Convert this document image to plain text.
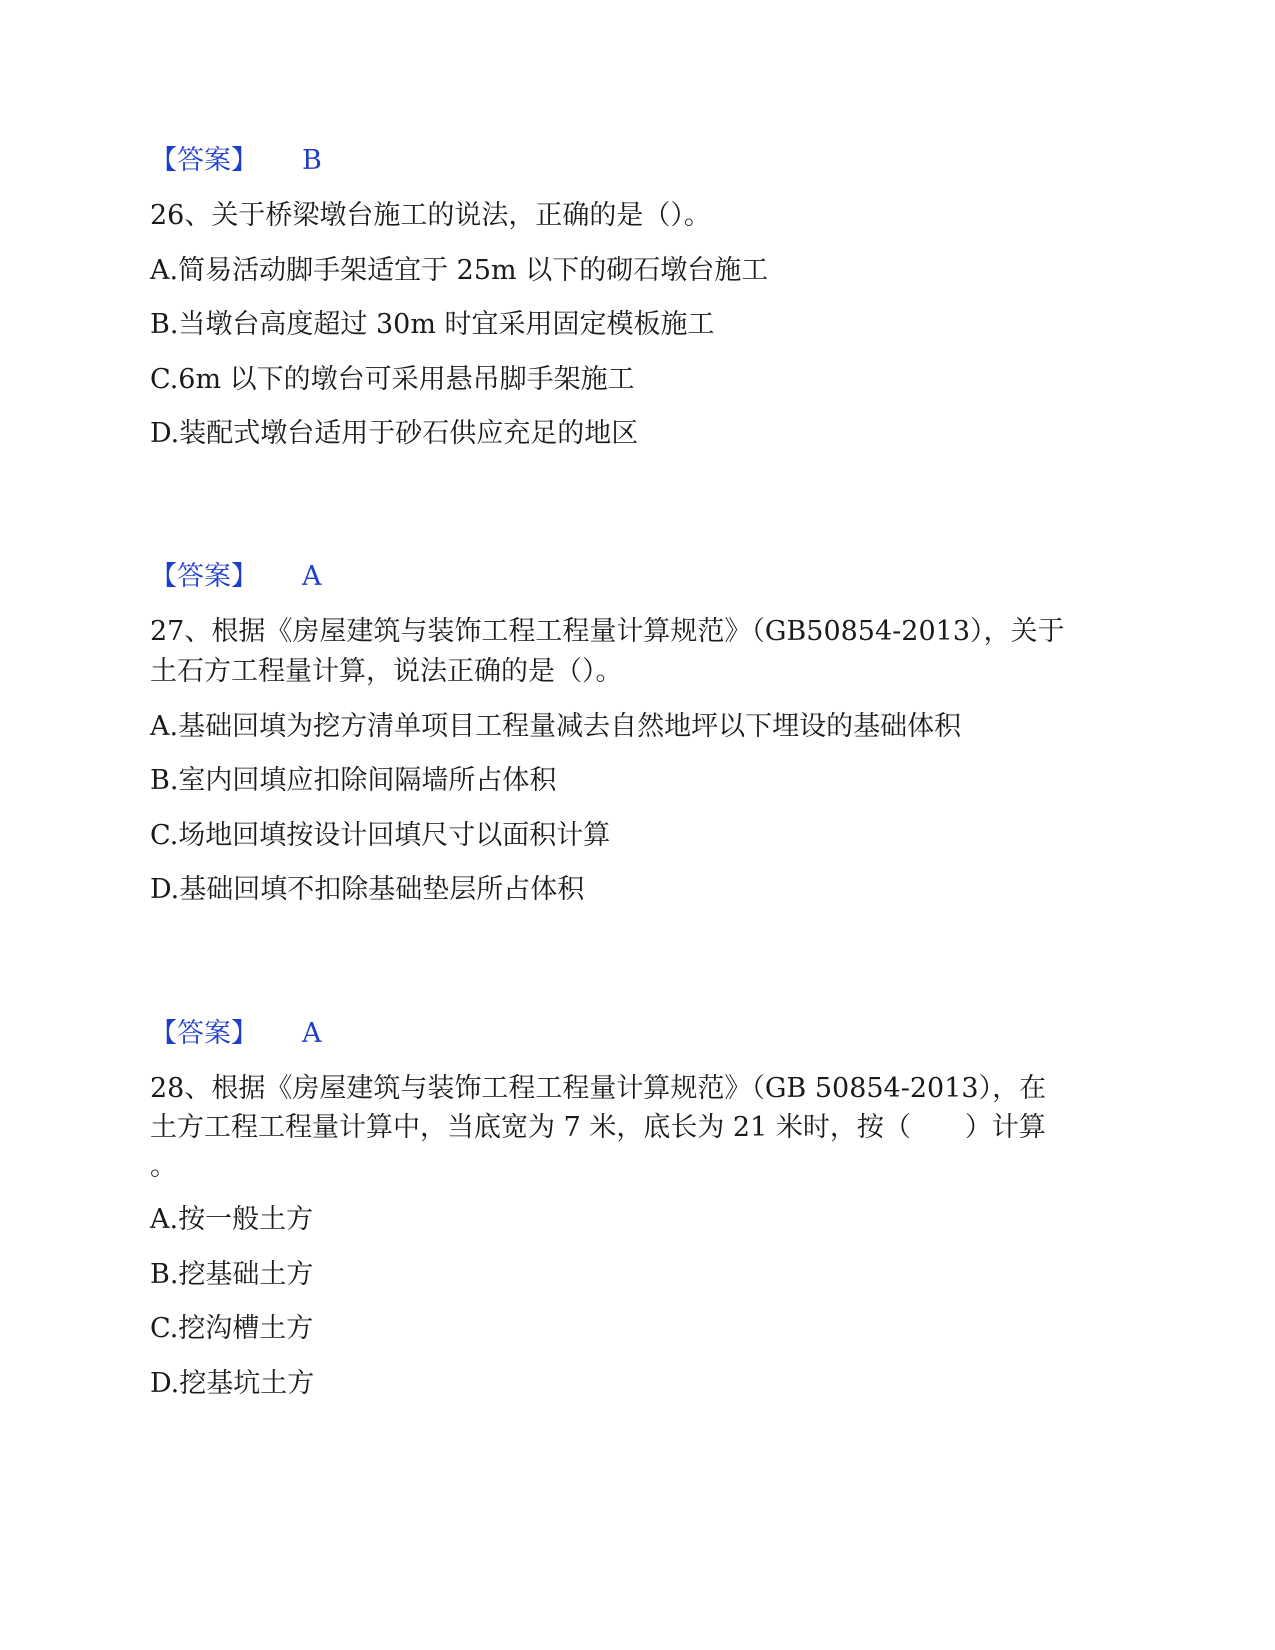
【答案】 B
26、关于桥梁墩台施工的说法，正确的是（）。
A.简易活动脚手架适宜于 25m 以下的砌石墩台施工
B.当墩台高度超过 30m 时宜采用固定模板施工
C.6m 以下的墩台可采用悬吊脚手架施工
D.装配式墩台适用于砂石供应充足的地区
【答案】 A
27、根据《房屋建筑与装饰工程工程量计算规范》（GB50854-2013），关于
土石方工程量计算，说法正确的是（）。
A.基础回填为挖方清单项目工程量减去自然地坪以下埋设的基础体积
B.室内回填应扣除间隔墙所占体积
C.场地回填按设计回填尺寸以面积计算
D.基础回填不扣除基础垫层所占体积
【答案】 A
28、根据《房屋建筑与装饰工程工程量计算规范》（GB 50854-2013），在
土方工程工程量计算中，当底宽为 7 米，底长为 21 米时，按（　　）计算
。
A.按一般土方
B.挖基础土方
C.挖沟槽土方
D.挖基坑土方
